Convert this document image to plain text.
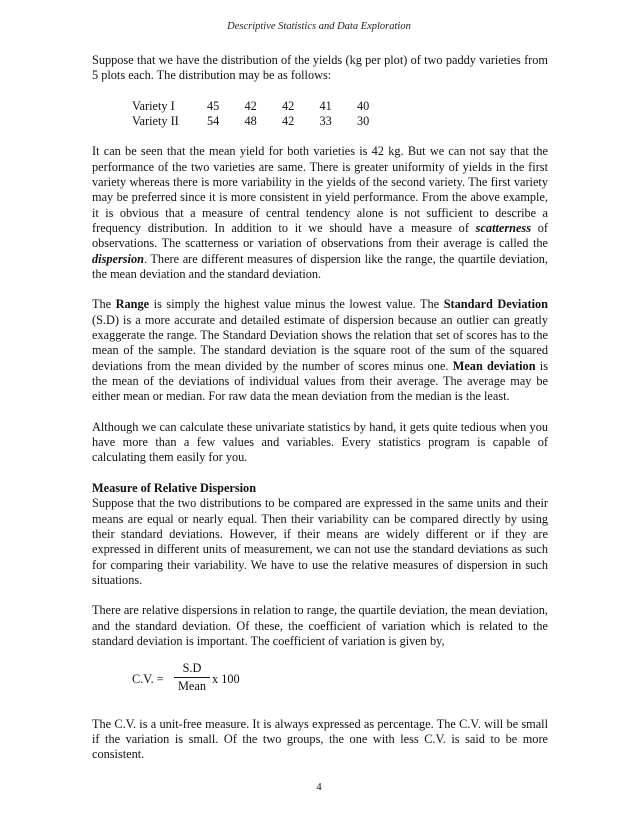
Descriptive Statistics and Data Exploration

Suppose that we have the distribution of the yields (kg per plot) of two paddy varieties from 5 plots each. The distribution may be as follows:

Variety I	45	42	42	41	40
Variety II	54	48	42	33	30

It can be seen that the mean yield for both varieties is 42 kg. But we can not say that the performance of the two varieties are same. There is greater uniformity of yields in the first variety whereas there is more variability in the yields of the second variety. The first variety may be preferred since it is more consistent in yield performance. From the above example, it is obvious that a measure of central tendency alone is not sufficient to describe a frequency distribution. In addition to it we should have a measure of scatterness of observations. The scatterness or variation of observations from their average is called the dispersion. There are different measures of dispersion like the range, the quartile deviation, the mean deviation and the standard deviation.

The Range is simply the highest value minus the lowest value. The Standard Deviation (S.D) is a more accurate and detailed estimate of dispersion because an outlier can greatly exaggerate the range. The Standard Deviation shows the relation that set of scores has to the mean of the sample. The standard deviation is the square root of the sum of the squared deviations from the mean divided by the number of scores minus one. Mean deviation is the mean of the deviations of individual values from their average. The average may be either mean or median. For raw data the mean deviation from the median is the least.

Although we can calculate these univariate statistics by hand, it gets quite tedious when you have more than a few values and variables. Every statistics program is capable of calculating them easily for you.

Measure of Relative Dispersion

Suppose that the two distributions to be compared are expressed in the same units and their means are equal or nearly equal. Then their variability can be compared directly by using their standard deviations. However, if their means are widely different or if they are expressed in different units of measurement, we can not use the standard deviations as such for comparing their variability. We have to use the relative measures of dispersion in such situations.

There are relative dispersions in relation to range, the quartile deviation, the mean deviation, and the standard deviation. Of these, the coefficient of variation which is related to the standard deviation is important. The coefficient of variation is given by,

C.V. =
S.D
Mean x 100

The C.V. is a unit-free measure. It is always expressed as percentage. The C.V. will be small if the variation is small. Of the two groups, the one with less C.V. is said to be more consistent.

4
